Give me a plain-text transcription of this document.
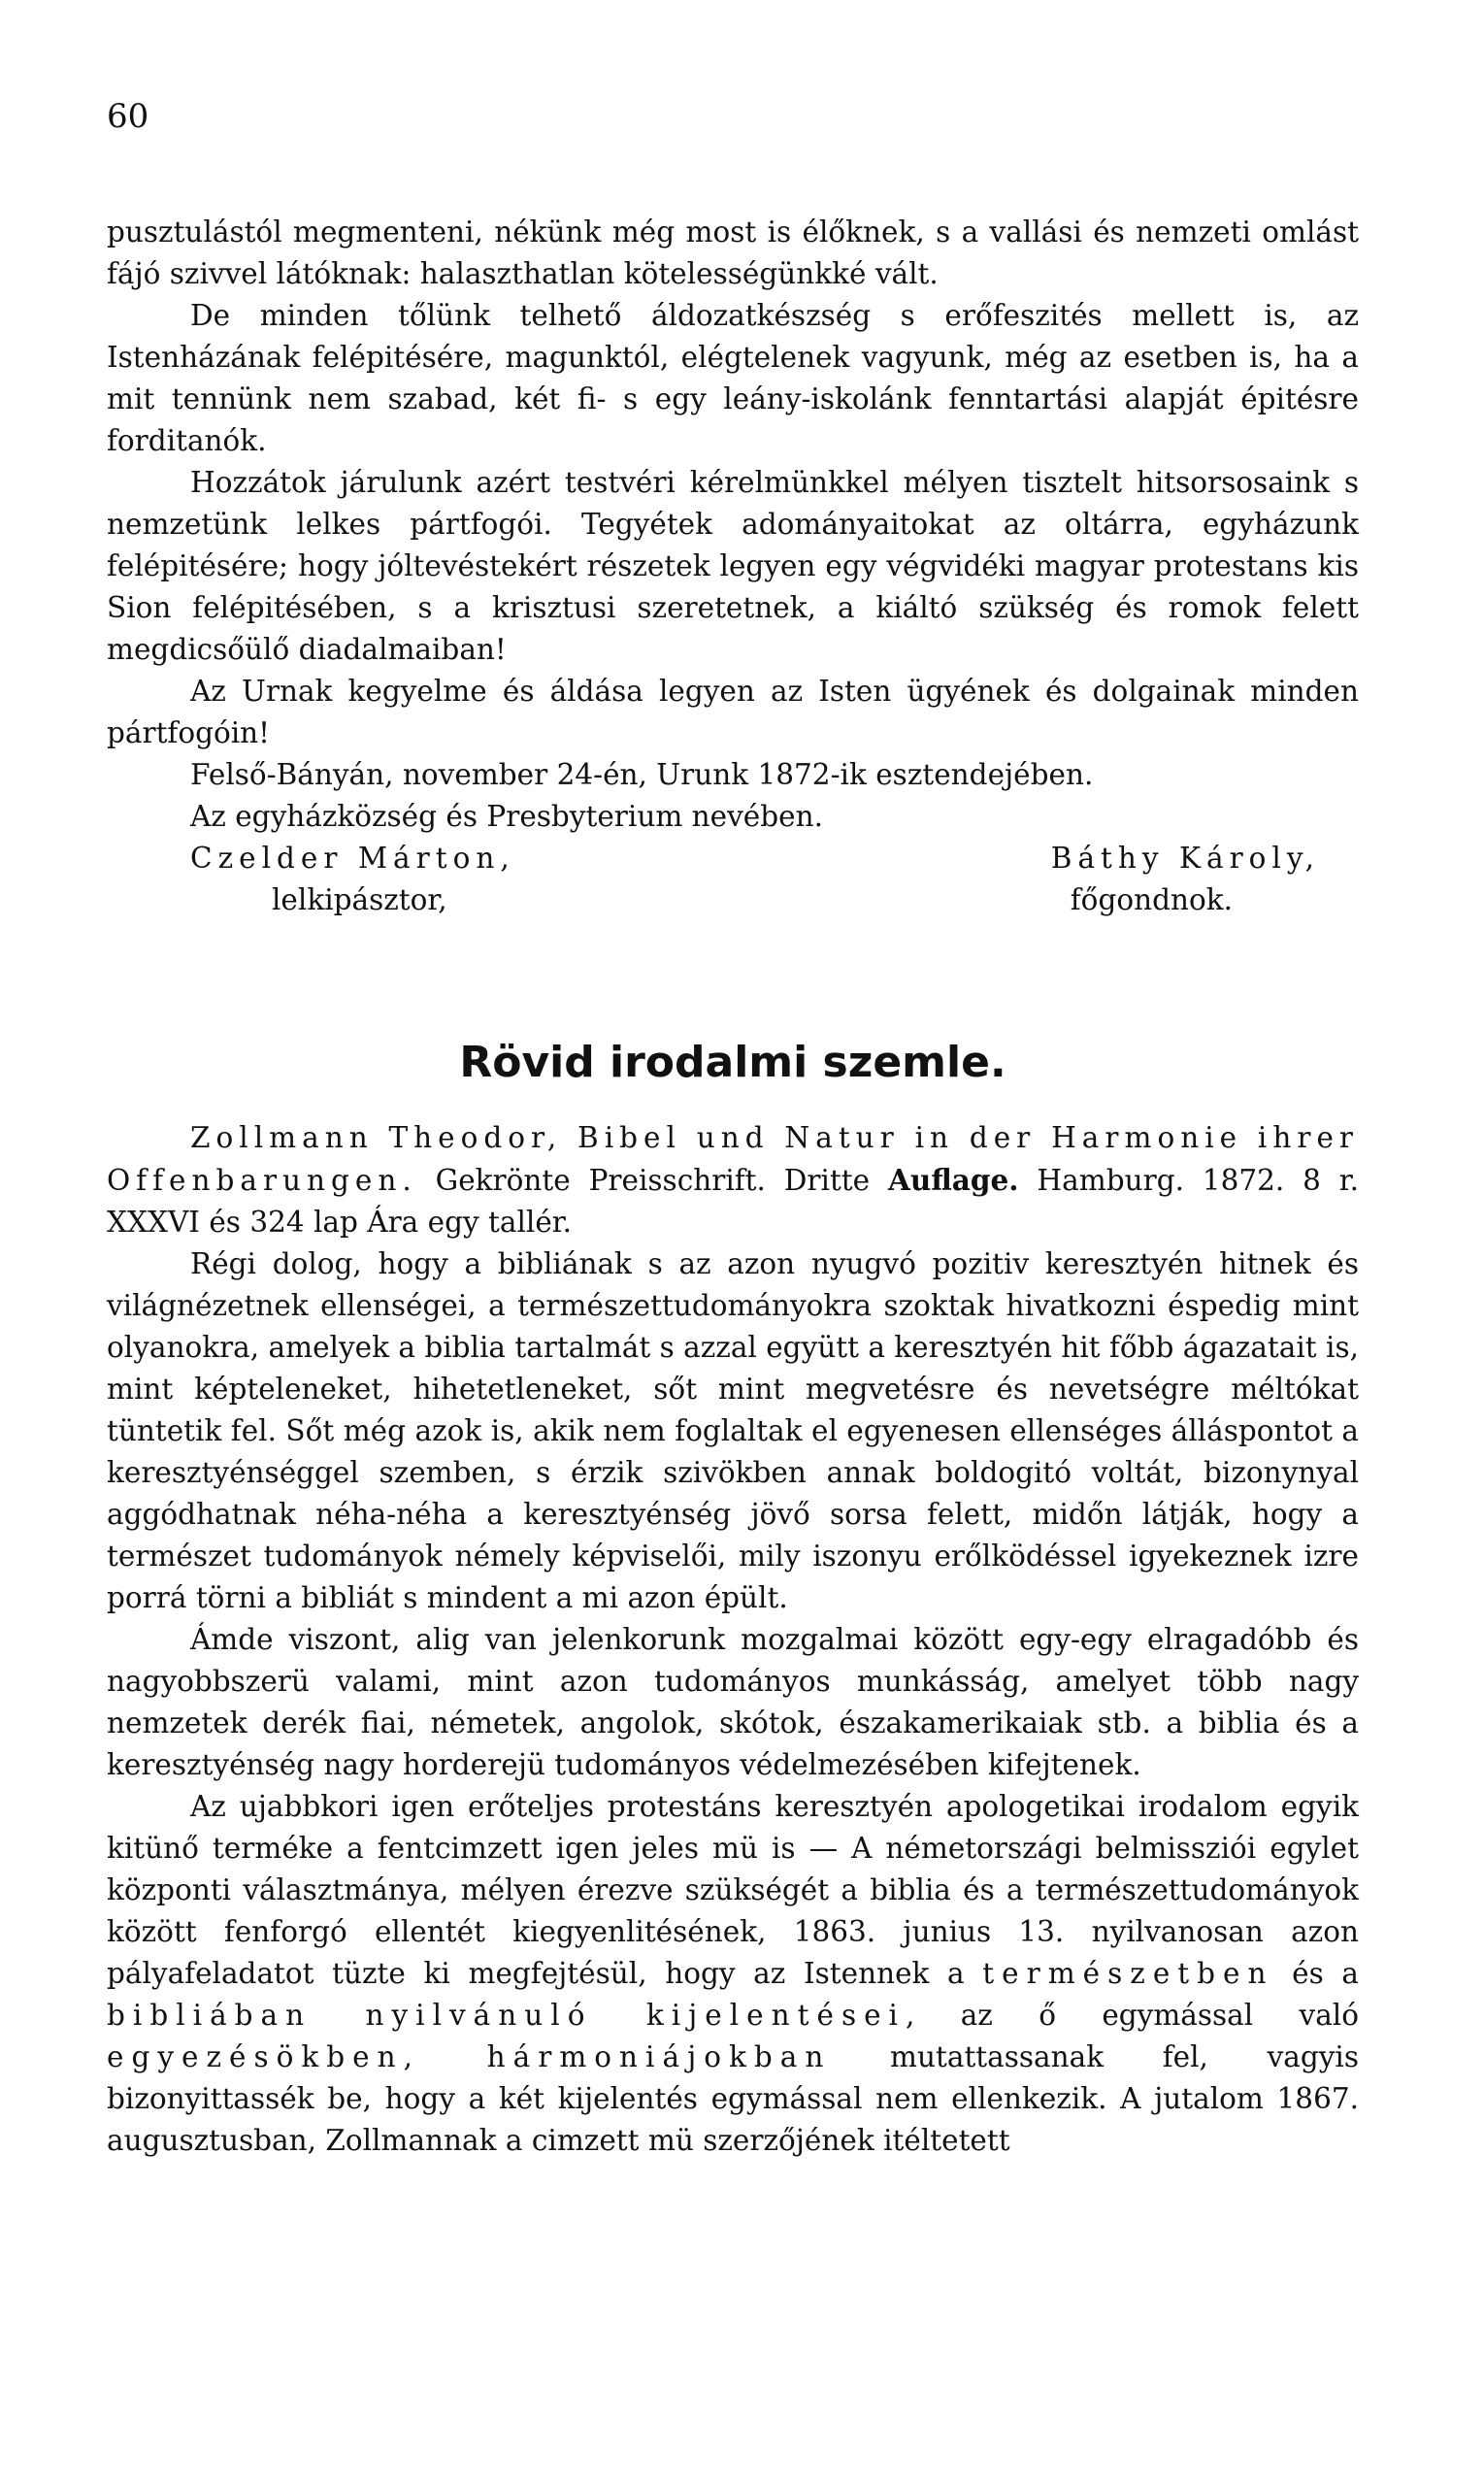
60

pusztulástól megmenteni, nékünk még most is élőknek, s a vallási és nemzeti omlást fájó szivvel látóknak: halaszthatlan kötelességünkké vált.

De minden tőlünk telhető áldozatkészség s erőfeszités mellett is, az Istenházának felépitésére, magunktól, elégtelenek vagyunk, még az esetben is, ha a mit tennünk nem szabad, két fi- s egy leány-iskolánk fenntartási alapját épitésre forditanók.

Hozzátok járulunk azért testvéri kérelmünkkel mélyen tisztelt hitsorsosaink s nemzetünk lelkes pártfogói. Tegyétek adományaitokat az oltárra, egyházunk felépitésére; hogy jóltevéstekért részetek legyen egy végvidéki magyar protestans kis Sion felépitésében, s a krisztusi szeretetnek, a kiáltó szükség és romok felett megdicsőülő diadalmaiban!

Az Urnak kegyelme és áldása legyen az Isten ügyének és dolgainak minden pártfogóin!

Felső-Bányán, november 24-én, Urunk 1872-ik esztendejében.

Az egyházközség és Presbyterium nevében.

Czelder Márton,	Báthy Károly,
lelkipásztor,	főgondnok.
Rövid irodalmi szemle.

Zollmann Theodor, Bibel und Natur in der Harmonie ihrer Offenbarungen. Gekrönte Preisschrift. Dritte Auflage. Hamburg. 1872. 8 r. XXXVI és 324 lap Ára egy tallér.

Régi dolog, hogy a bibliának s az azon nyugvó pozitiv keresztyén hitnek és világnézetnek ellenségei, a természettudományokra szoktak hivatkozni éspedig mint olyanokra, amelyek a biblia tartalmát s azzal együtt a keresztyén hit főbb ágazatait is, mint képteleneket, hihetetleneket, sőt mint megvetésre és nevetségre méltókat tüntetik fel. Sőt még azok is, akik nem foglaltak el egyenesen ellenséges álláspontot a keresztyénséggel szemben, s érzik szivökben annak boldogitó voltát, bizonynyal aggódhatnak néha-néha a keresztyénség jövő sorsa felett, midőn látják, hogy a természet tudományok némely képviselői, mily iszonyu erőlködéssel igyekeznek izre porrá törni a bibliát s mindent a mi azon épült.

Ámde viszont, alig van jelenkorunk mozgalmai között egy-egy elragadóbb és nagyobbszerü valami, mint azon tudományos munkásság, amelyet több nagy nemzetek derék fiai, németek, angolok, skótok, északamerikaiak stb. a biblia és a keresztyénség nagy horderejü tudományos védelmezésében kifejtenek.

Az ujabbkori igen erőteljes protestáns keresztyén apologetikai irodalom egyik kitünő terméke a fentcimzett igen jeles mü is — A németországi belmissziói egylet központi választmánya, mélyen érezve szükségét a biblia és a természettudományok között fenforgó ellentét kiegyenlitésének, 1863. junius 13. nyilvanosan azon pályafeladatot tüzte ki megfejtésül, hogy az Istennek a természetben és a bibliában nyilvánuló kijelentései, az ő egymással való egyezésökben, hármoniájokban mutattassanak fel, vagyis bizonyittassék be, hogy a két kijelentés egymással nem ellenkezik. A jutalom 1867. augusztusban, Zollmannak a cimzett mü szerzőjének itéltetett
